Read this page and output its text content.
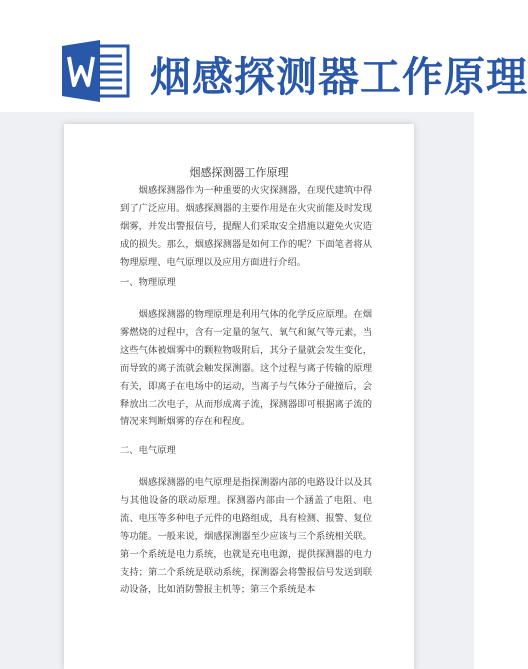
烟感探测器工作原理
烟感探测器工作原理

烟感探测器作为一种重要的火灾探测器，在现代建筑中得到了广泛应用。烟感探测器的主要作用是在火灾前能及时发现烟雾，并发出警报信号，提醒人们采取安全措施以避免火灾造成的损失。那么，烟感探测器是如何工作的呢？下面笔者将从物理原理、电气原理以及应用方面进行介绍。

一、物理原理

烟感探测器的物理原理是利用气体的化学反应原理。在烟雾燃烧的过程中，含有一定量的氢气、氧气和氮气等元素，当这些气体被烟雾中的颗粒物吸附后，其分子量就会发生变化，而导致的离子流就会触发探测器。这个过程与离子传输的原理有关，即离子在电场中的运动，当离子与气体分子碰撞后，会释放出二次电子，从而形成离子流，探测器即可根据离子流的情况来判断烟雾的存在和程度。

二、电气原理

烟感探测器的电气原理是指探测器内部的电路设计以及其与其他设备的联动原理。探测器内部由一个涵盖了电阻、电流、电压等多种电子元件的电路组成，具有检测、报警、复位等功能。一般来说，烟感探测器至少应该与三个系统相关联。第一个系统是电力系统，也就是充电电源，提供探测器的电力支持；第二个系统是联动系统，探测器会将警报信号发送到联动设备，比如消防警报主机等；第三个系统是本
